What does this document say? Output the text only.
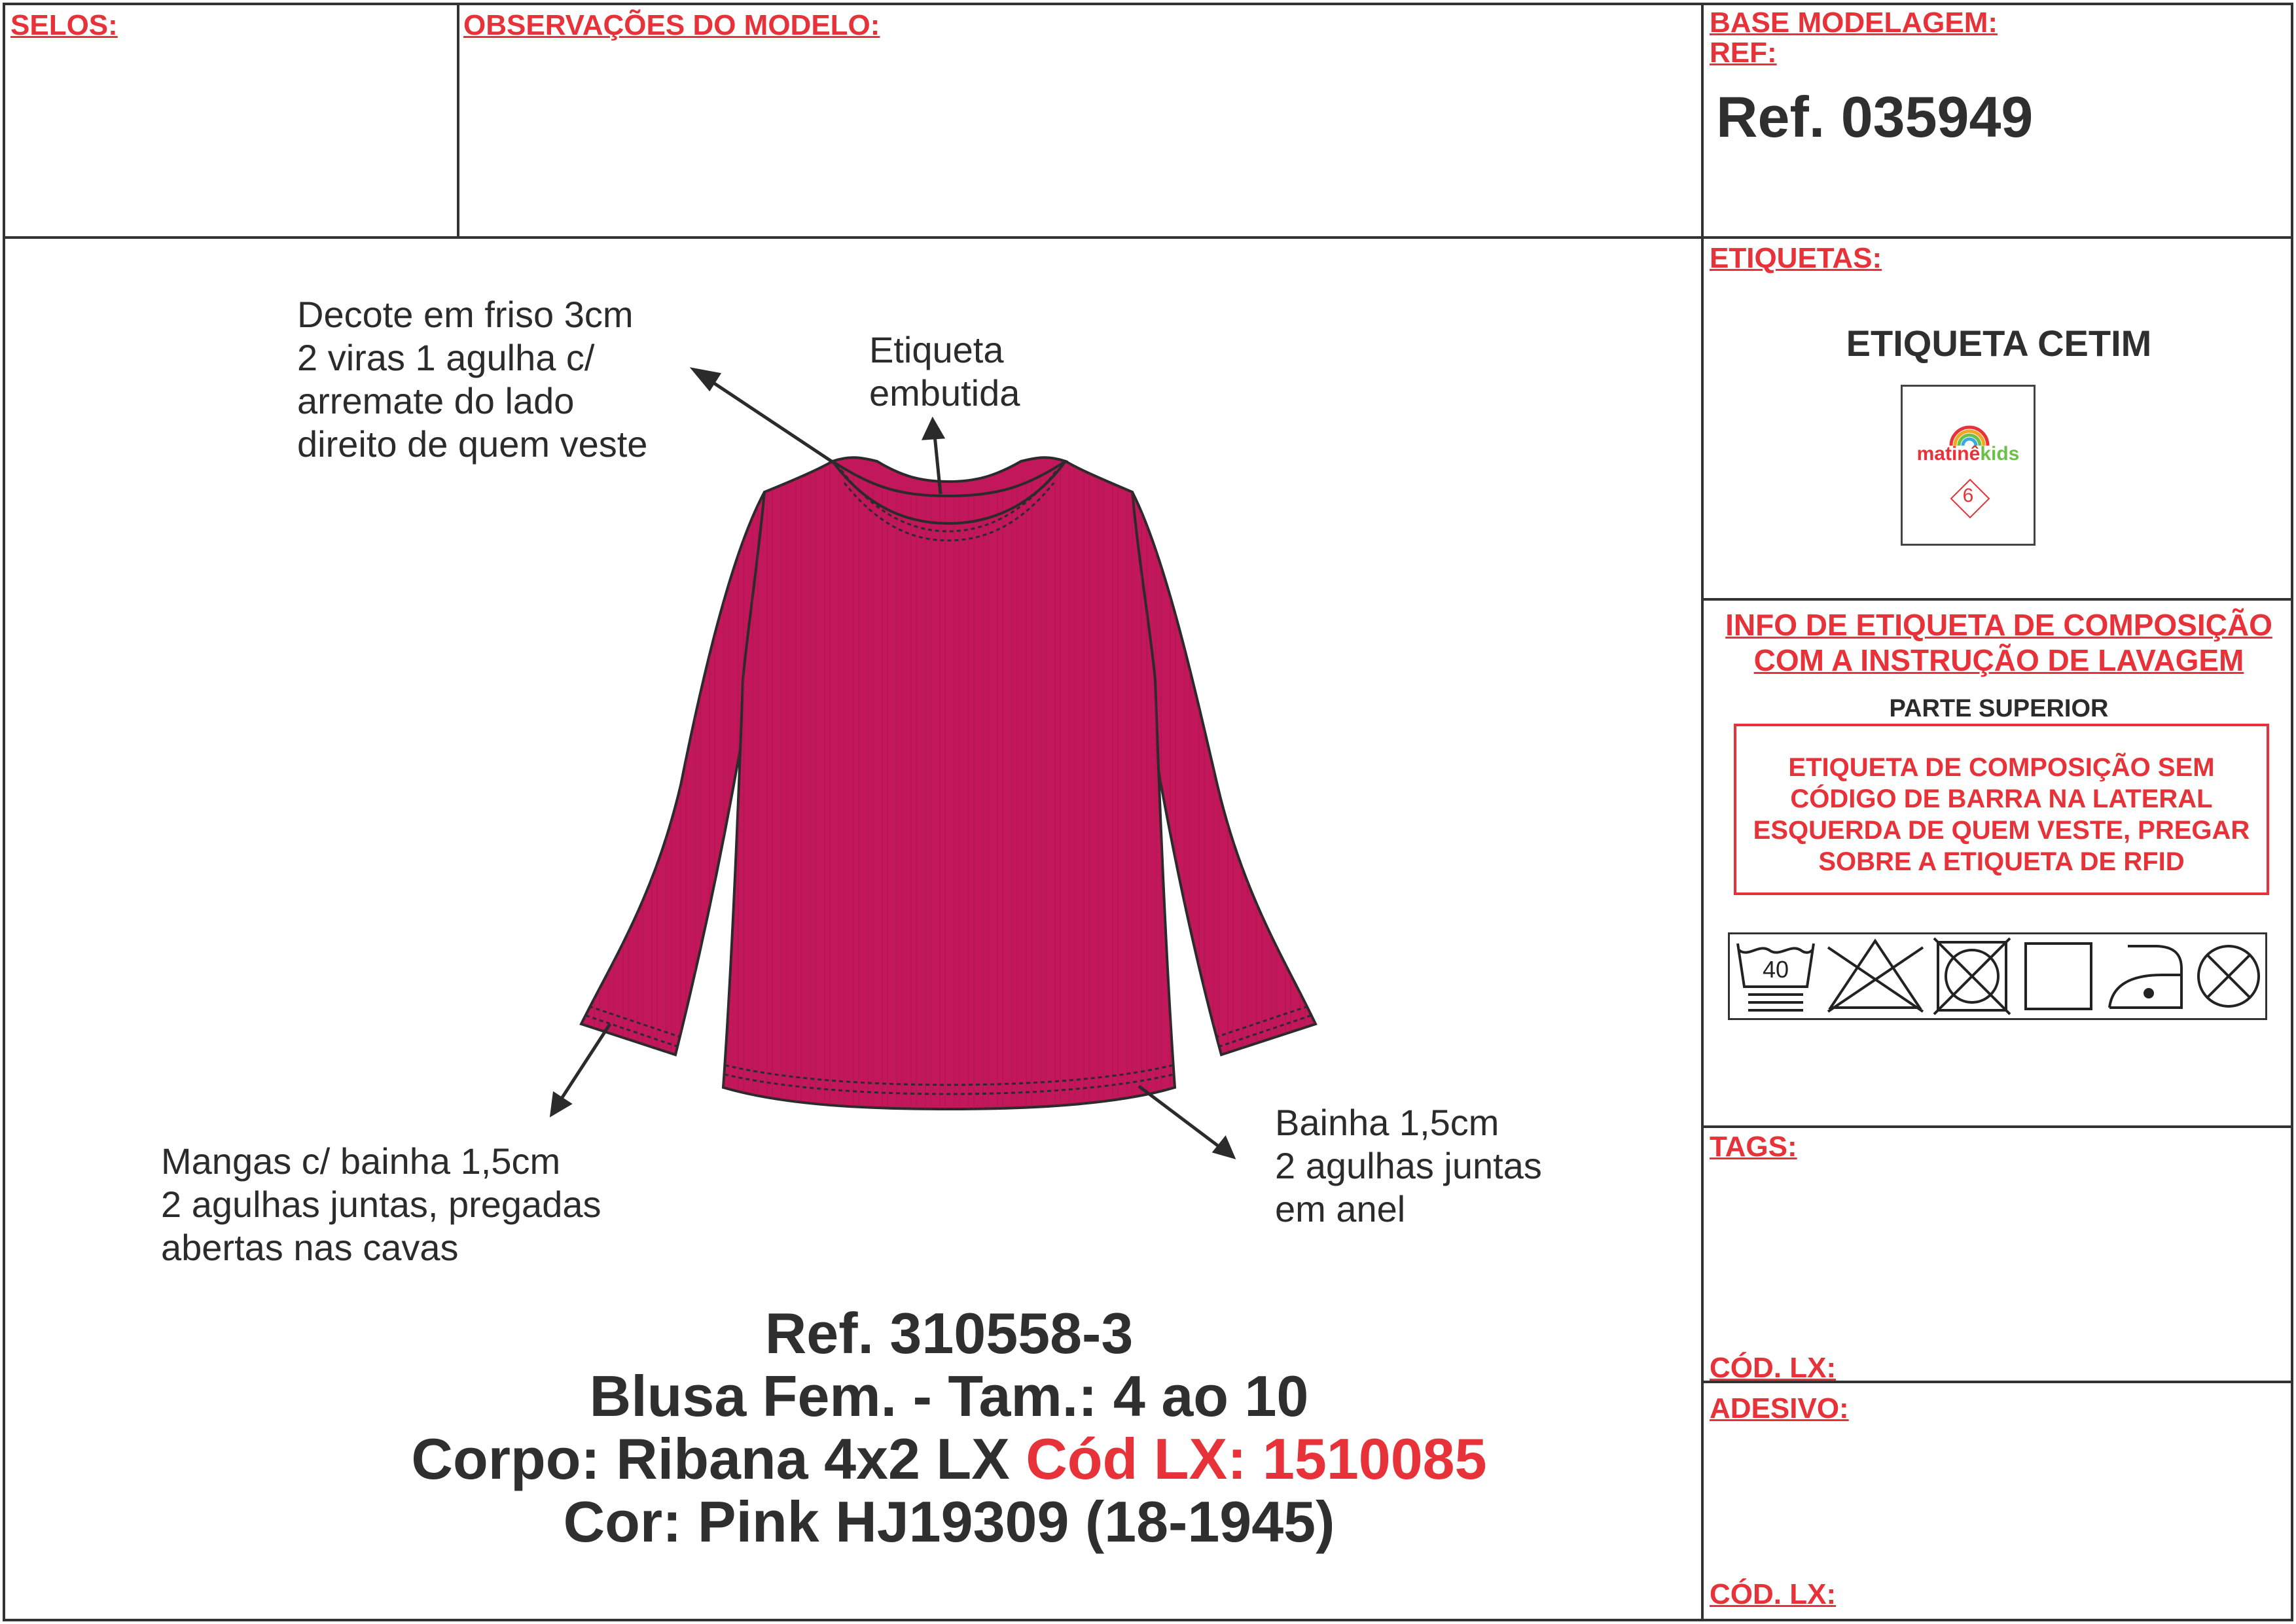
SELOS:	OBSERVAÇÕES DO MODELO:	BASE MODELAGEM:
REF:
Ref. 035949
Decote em friso 3cm
2 viras 1 agulha c/
arremate do lado
direito de quem veste
Etiqueta
embutida
Mangas c/ bainha 1,5cm
2 agulhas juntas, pregadas
abertas nas cavas
Bainha 1,5cm
2 agulhas juntas
em anel
Ref. 310558-3
Blusa Fem. - Tam.: 4 ao 10
Corpo: Ribana 4x2 LX Cód LX: 1510085
Cor: Pink HJ19309 (18-1945)
ETIQUETAS:
ETIQUETA CETIM
matinêkids
6
INFO DE ETIQUETA DE COMPOSIÇÃO
COM A INSTRUÇÃO DE LAVAGEM
PARTE SUPERIOR
ETIQUETA DE COMPOSIÇÃO SEM
CÓDIGO DE BARRA NA LATERAL
ESQUERDA DE QUEM VESTE, PREGAR
SOBRE A ETIQUETA DE RFID
40
TAGS:
CÓD. LX:
ADESIVO:
CÓD. LX:
